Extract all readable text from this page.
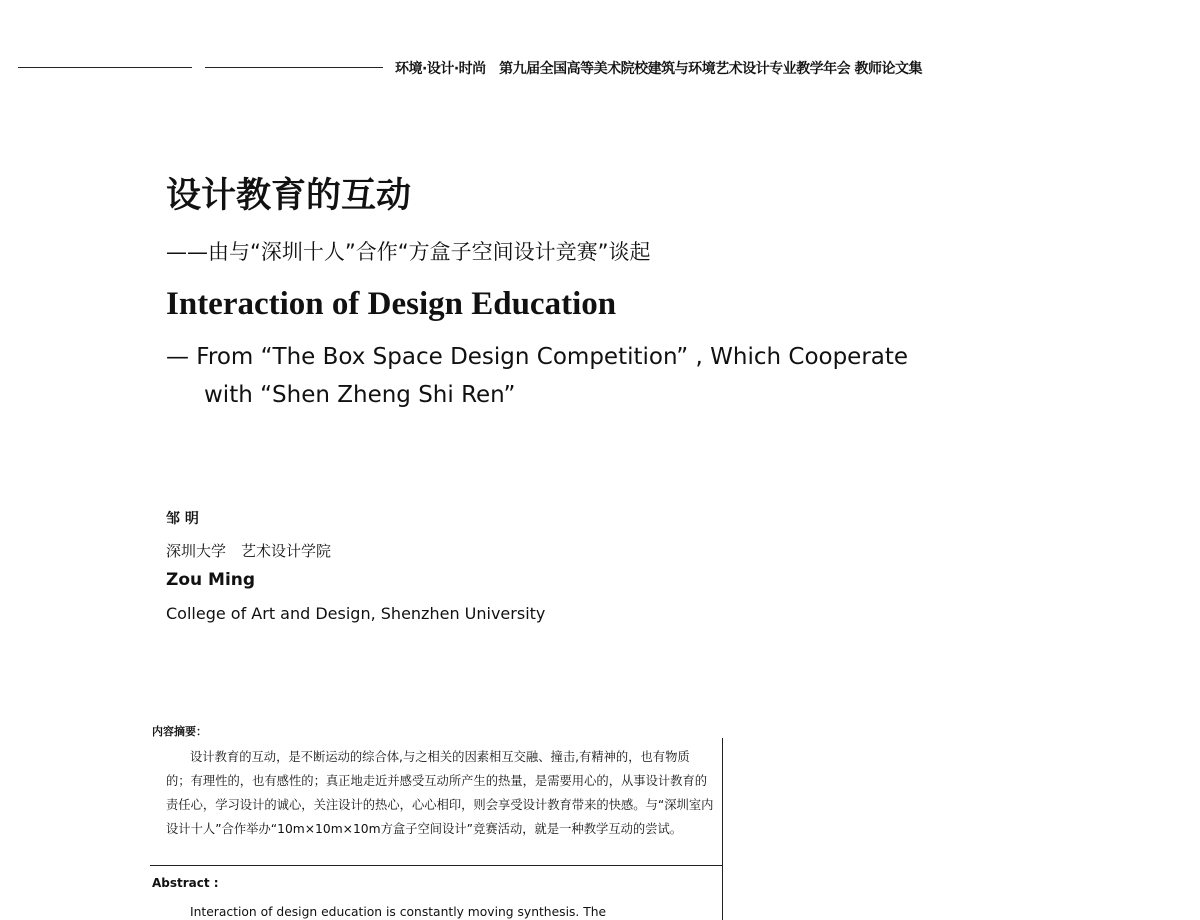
环境·设计·时尚　第九届全国高等美术院校建筑与环境艺术设计专业教学年会 教师论文集
设计教育的互动
——由与“深圳十人”合作“方盒子空间设计竞赛”谈起
Interaction of Design Education
— From “The Box Space Design Competition” , Which Cooperate
with “Shen Zheng Shi Ren”
邹 明
深圳大学　艺术设计学院
Zou Ming
College of Art and Design, Shenzhen University
内容摘要：
设计教育的互动，是不断运动的综合体,与之相关的因素相互交融、撞击,有精神的，也有物质的；有理性的，也有感性的；真正地走近并感受互动所产生的热量，是需要用心的，从事设计教育的责任心，学习设计的诚心，关注设计的热心，心心相印，则会享受设计教育带来的快感。与“深圳室内设计十人”合作举办“10m×10m×10m方盒子空间设计”竞赛活动，就是一种教学互动的尝试。
Abstract :
Interaction of design education is constantly moving synthesis. The
